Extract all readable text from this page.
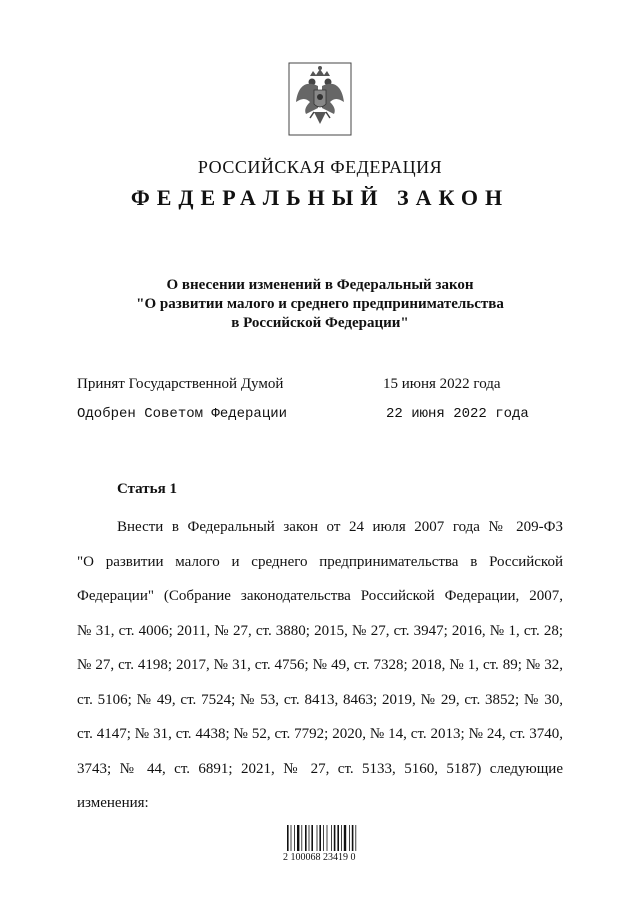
РОССИЙСКАЯ ФЕДЕРАЦИЯ
ФЕДЕРАЛЬНЫЙ ЗАКОН
О внесении изменений в Федеральный закон
"О развитии малого и среднего предпринимательства
в Российской Федерации"
Принят Государственной Думой	15 июня 2022 года
Одобрен Советом Федерации	22 июня 2022 года
Статья 1
Внести в Федеральный закон от 24 июля 2007 года № 209-ФЗ
"О развитии малого и среднего предпринимательства в Российской
Федерации" (Собрание законодательства Российской Федерации, 2007,
№ 31, ст. 4006; 2011, № 27, ст. 3880; 2015, № 27, ст. 3947; 2016, № 1, ст. 28;
№ 27, ст. 4198; 2017, № 31, ст. 4756; № 49, ст. 7328; 2018, № 1, ст. 89; № 32,
ст. 5106; № 49, ст. 7524; № 53, ст. 8413, 8463; 2019, № 29, ст. 3852; № 30,
ст. 4147; № 31, ст. 4438; № 52, ст. 7792; 2020, № 14, ст. 2013; № 24, ст. 3740,
3743; № 44, ст. 6891; 2021, № 27, ст. 5133, 5160, 5187) следующие
изменения:
2 100068 23419 0
